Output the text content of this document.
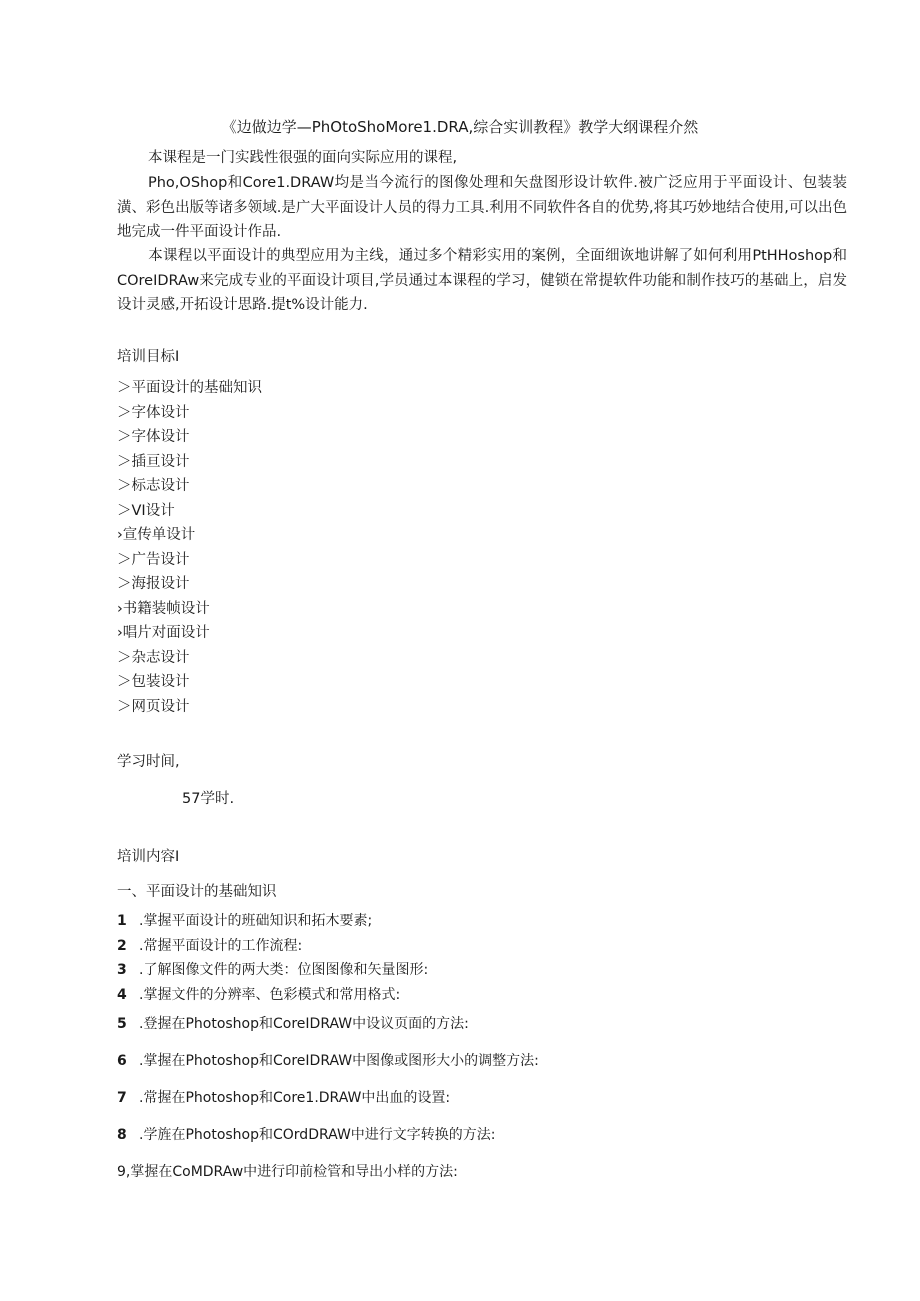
《边做边学—PhOtoShoMore1.DRA,综合实训教程》教学大纲课程介然

本课程是一门实践性很强的面向实际应用的课程,

Pho,OShop和Core1.DRAW均是当今流行的图像处理和矢盘图形设计软件.被广泛应用于平面设计、包装装潢、彩色出版等诸多领域.是广大平面设计人员的得力工具.利用不同软件各自的优势,将其巧妙地结合使用,可以出色地完成一件平面设计作品.

本课程以平面设计的典型应用为主线，通过多个精彩实用的案例，全面细诙地讲解了如何利用PtHHoshop和COreIDRAw来完成专业的平面设计项目,学员通过本课程的学习，健锁在常提软件功能和制作技巧的基础上，启发设计灵感,开拓设计思路.提t%设计能力.

培训目标I
＞平面设计的基础知识
＞字体设计
＞字体设计
＞插亘设计
＞标志设计
＞VI设计
›宣传单设计
＞广告设计
＞海报设计
›书籍装帧设计
›唱片对面设计
＞杂志设计
＞包装设计
＞网页设计
学习时间,
57学时.
培训内容I
一、平面设计的基础知识
1 .掌握平面设计的班础知识和拓木要素;
2 .常握平面设计的工作流程:
3 .了解图像文件的两大类：位图图像和矢量图形:
4 .掌握文件的分辨率、色彩模式和常用格式:
5 .登握在Photoshop和CoreIDRAW中设议页面的方法:
6 .掌握在Photoshop和CoreIDRAW中图像或图形大小的调整方法:
7 .常握在Photoshop和Core1.DRAW中出血的设置:
8 .学旌在Photoshop和COrdDRAW中进行文字转换的方法:
9,掌握在CoMDRAw中进行印前检管和导出小样的方法:
